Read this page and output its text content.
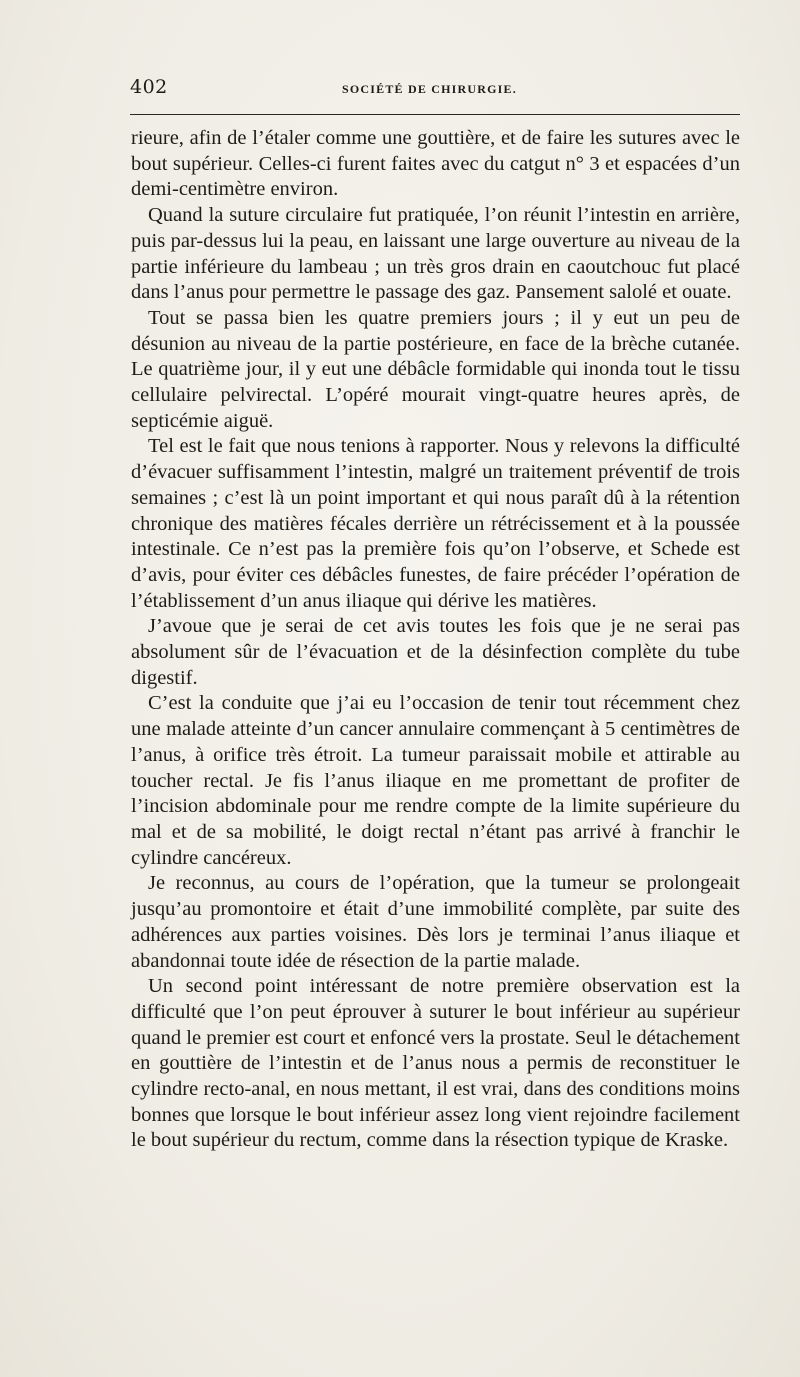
402	SOCIÉTÉ DE CHIRURGIE.

rieure, afin de l’étaler comme une gouttière, et de faire les sutures avec le bout supérieur. Celles-ci furent faites avec du catgut n° 3 et espacées d’un demi-centimètre environ.

Quand la suture circulaire fut pratiquée, l’on réunit l’intestin en arrière, puis par-dessus lui la peau, en laissant une large ouverture au niveau de la partie inférieure du lambeau ; un très gros drain en caoutchouc fut placé dans l’anus pour permettre le passage des gaz. Pansement salolé et ouate.

Tout se passa bien les quatre premiers jours ; il y eut un peu de désunion au niveau de la partie postérieure, en face de la brèche cutanée. Le quatrième jour, il y eut une débâcle formidable qui inonda tout le tissu cellulaire pelvirectal. L’opéré mourait vingt-quatre heures après, de septicémie aiguë.

Tel est le fait que nous tenions à rapporter. Nous y relevons la difficulté d’évacuer suffisamment l’intestin, malgré un traitement préventif de trois semaines ; c’est là un point important et qui nous paraît dû à la rétention chronique des matières fécales derrière un rétrécissement et à la poussée intestinale. Ce n’est pas la première fois qu’on l’observe, et Schede est d’avis, pour éviter ces débâcles funestes, de faire précéder l’opération de l’établissement d’un anus iliaque qui dérive les matières.

J’avoue que je serai de cet avis toutes les fois que je ne serai pas absolument sûr de l’évacuation et de la désinfection complète du tube digestif.

C’est la conduite que j’ai eu l’occasion de tenir tout récemment chez une malade atteinte d’un cancer annulaire commençant à 5 centimètres de l’anus, à orifice très étroit. La tumeur paraissait mobile et attirable au toucher rectal. Je fis l’anus iliaque en me promettant de profiter de l’incision abdominale pour me rendre compte de la limite supérieure du mal et de sa mobilité, le doigt rectal n’étant pas arrivé à franchir le cylindre cancéreux.

Je reconnus, au cours de l’opération, que la tumeur se prolongeait jusqu’au promontoire et était d’une immobilité complète, par suite des adhérences aux parties voisines. Dès lors je terminai l’anus iliaque et abandonnai toute idée de résection de la partie malade.

Un second point intéressant de notre première observation est la difficulté que l’on peut éprouver à suturer le bout inférieur au supérieur quand le premier est court et enfoncé vers la prostate. Seul le détachement en gouttière de l’intestin et de l’anus nous a permis de reconstituer le cylindre recto-anal, en nous mettant, il est vrai, dans des conditions moins bonnes que lorsque le bout inférieur assez long vient rejoindre facilement le bout supérieur du rectum, comme dans la résection typique de Kraske.
